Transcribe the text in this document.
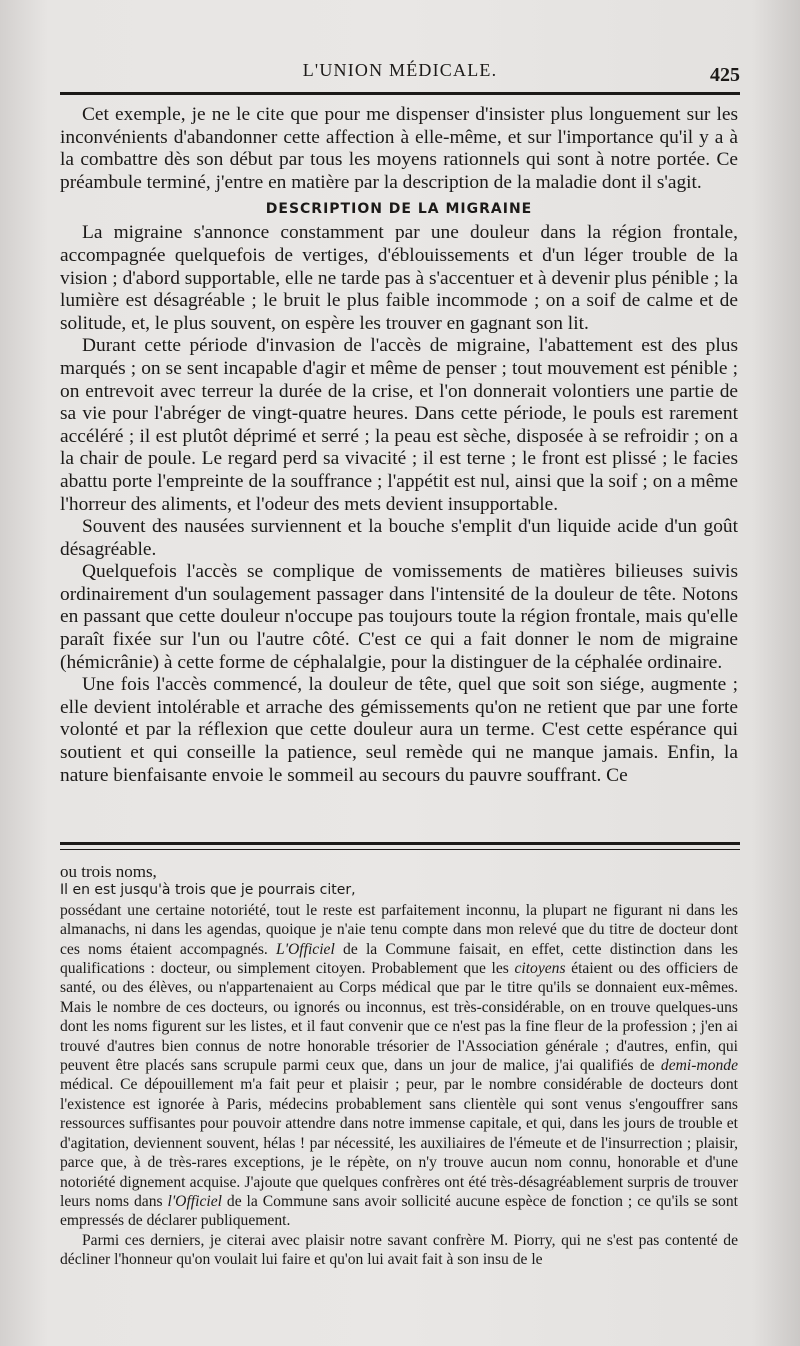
L'UNION MÉDICALE.	425

Cet exemple, je ne le cite que pour me dispenser d'insister plus longuement sur les inconvénients d'abandonner cette affection à elle-même, et sur l'importance qu'il y a à la combattre dès son début par tous les moyens rationnels qui sont à notre portée. Ce préambule terminé, j'entre en matière par la description de la maladie dont il s'agit.

DESCRIPTION DE LA MIGRAINE

La migraine s'annonce constamment par une douleur dans la région frontale, accompagnée quelquefois de vertiges, d'éblouissements et d'un léger trouble de la vision ; d'abord supportable, elle ne tarde pas à s'accentuer et à devenir plus pénible ; la lumière est désagréable ; le bruit le plus faible incommode ; on a soif de calme et de solitude, et, le plus souvent, on espère les trouver en gagnant son lit.

Durant cette période d'invasion de l'accès de migraine, l'abattement est des plus marqués ; on se sent incapable d'agir et même de penser ; tout mouvement est pénible ; on entrevoit avec terreur la durée de la crise, et l'on donnerait volontiers une partie de sa vie pour l'abréger de vingt-quatre heures. Dans cette période, le pouls est rarement accéléré ; il est plutôt déprimé et serré ; la peau est sèche, disposée à se refroidir ; on a la chair de poule. Le regard perd sa vivacité ; il est terne ; le front est plissé ; le facies abattu porte l'empreinte de la souffrance ; l'appétit est nul, ainsi que la soif ; on a même l'horreur des aliments, et l'odeur des mets devient insupportable.

Souvent des nausées surviennent et la bouche s'emplit d'un liquide acide d'un goût désagréable.

Quelquefois l'accès se complique de vomissements de matières bilieuses suivis ordinairement d'un soulagement passager dans l'intensité de la douleur de tête. Notons en passant que cette douleur n'occupe pas toujours toute la région frontale, mais qu'elle paraît fixée sur l'un ou l'autre côté. C'est ce qui a fait donner le nom de migraine (hémicrânie) à cette forme de céphalalgie, pour la distinguer de la céphalée ordinaire.

Une fois l'accès commencé, la douleur de tête, quel que soit son siége, augmente ; elle devient intolérable et arrache des gémissements qu'on ne retient que par une forte volonté et par la réflexion que cette douleur aura un terme. C'est cette espérance qui soutient et qui conseille la patience, seul remède qui ne manque jamais. Enfin, la nature bienfaisante envoie le sommeil au secours du pauvre souffrant. Ce

ou trois noms,

Il en est jusqu'à trois que je pourrais citer,

possédant une certaine notoriété, tout le reste est parfaitement inconnu, la plupart ne figurant ni dans les almanachs, ni dans les agendas, quoique je n'aie tenu compte dans mon relevé que du titre de docteur dont ces noms étaient accompagnés. L'Officiel de la Commune faisait, en effet, cette distinction dans les qualifications : docteur, ou simplement citoyen. Probablement que les citoyens étaient ou des officiers de santé, ou des élèves, ou n'appartenaient au Corps médical que par le titre qu'ils se donnaient eux-mêmes. Mais le nombre de ces docteurs, ou ignorés ou inconnus, est très-considérable, on en trouve quelques-uns dont les noms figurent sur les listes, et il faut convenir que ce n'est pas la fine fleur de la profession ; j'en ai trouvé d'autres bien connus de notre honorable trésorier de l'Association générale ; d'autres, enfin, qui peuvent être placés sans scrupule parmi ceux que, dans un jour de malice, j'ai qualifiés de demi-monde médical. Ce dépouillement m'a fait peur et plaisir ; peur, par le nombre considérable de docteurs dont l'existence est ignorée à Paris, médecins probablement sans clientèle qui sont venus s'engouffrer sans ressources suffisantes pour pouvoir attendre dans notre immense capitale, et qui, dans les jours de trouble et d'agitation, deviennent souvent, hélas ! par nécessité, les auxiliaires de l'émeute et de l'insurrection ; plaisir, parce que, à de très-rares exceptions, je le répète, on n'y trouve aucun nom connu, honorable et d'une notoriété dignement acquise. J'ajoute que quelques confrères ont été très-désagréablement surpris de trouver leurs noms dans l'Officiel de la Commune sans avoir sollicité aucune espèce de fonction ; ce qu'ils se sont empressés de déclarer publiquement.

Parmi ces derniers, je citerai avec plaisir notre savant confrère M. Piorry, qui ne s'est pas contenté de décliner l'honneur qu'on voulait lui faire et qu'on lui avait fait à son insu de le
